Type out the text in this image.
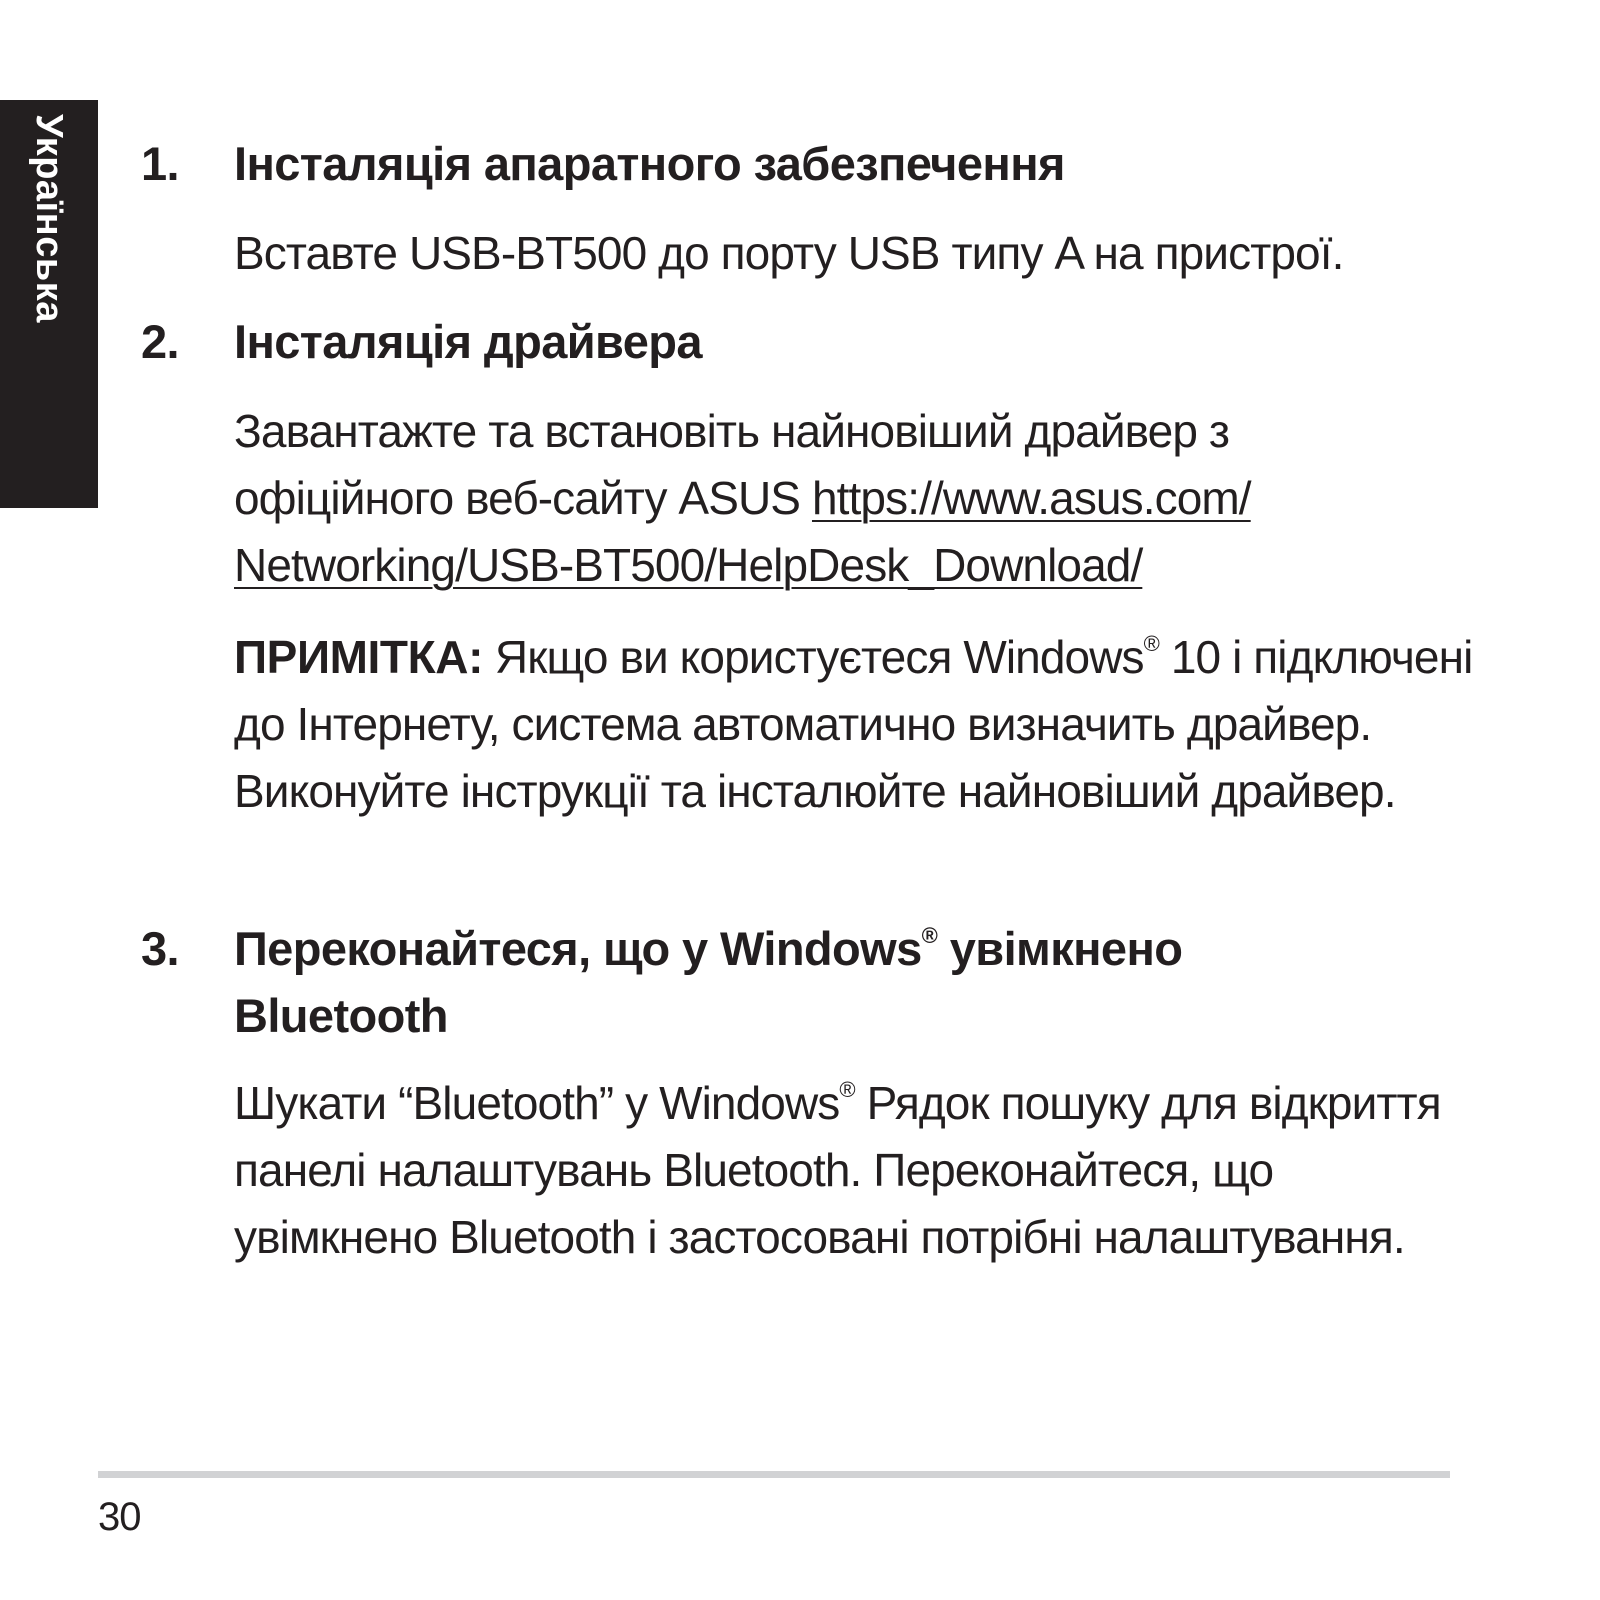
Українська 1. Інсталяція апаратного забезпечення
Вставте USB-BT500 до порту USB типу A на пристрої.
2. Інсталяція драйвера
Завантажте та встановіть найновіший драйвер з офіційного веб-сайту ASUS https://www.asus.com/
Networking/USB-BT500/HelpDesk_Download/
ПРИМІТКА: Якщо ви користуєтеся Windows® 10 і підключені до Інтернету, система автоматично визначить драйвер. Виконуйте інструкції та інсталюйте найновіший драйвер.
3. Переконайтеся, що у Windows® увімкнено Bluetooth
Шукати “Bluetooth” у Windows® Рядок пошуку для відкриття панелі налаштувань Bluetooth. Переконайтеся, що увімкнено Bluetooth і застосовані потрібні налаштування.
30
